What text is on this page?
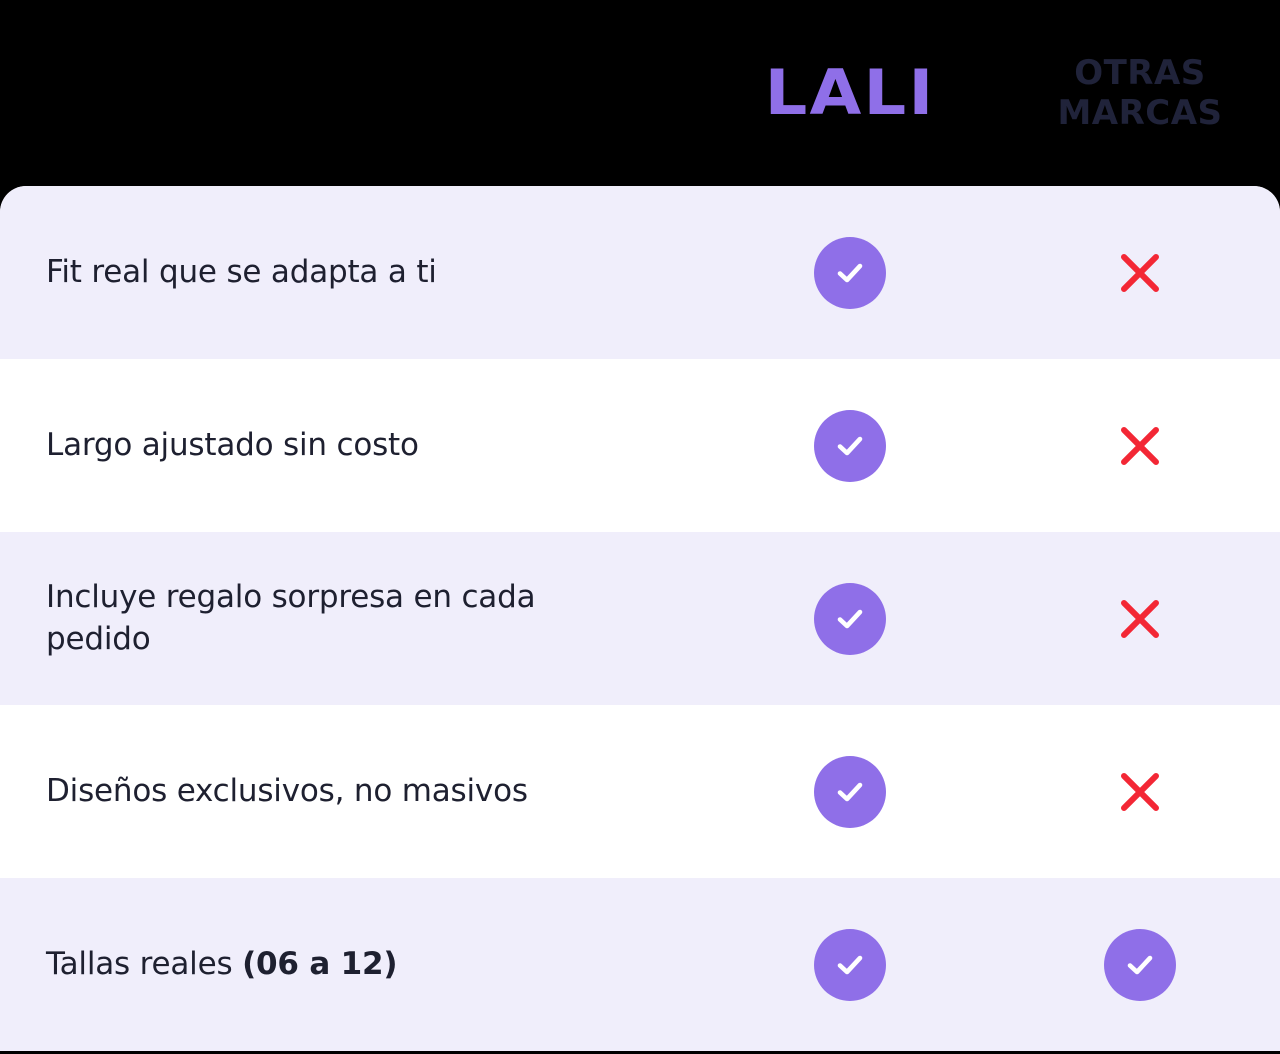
LALI	OTRAS
MARCAS
Fit real que se adapta a ti
Largo ajustado sin costo
Incluye regalo sorpresa en cada pedido
Diseños exclusivos, no masivos
Tallas reales (06 a 12)
